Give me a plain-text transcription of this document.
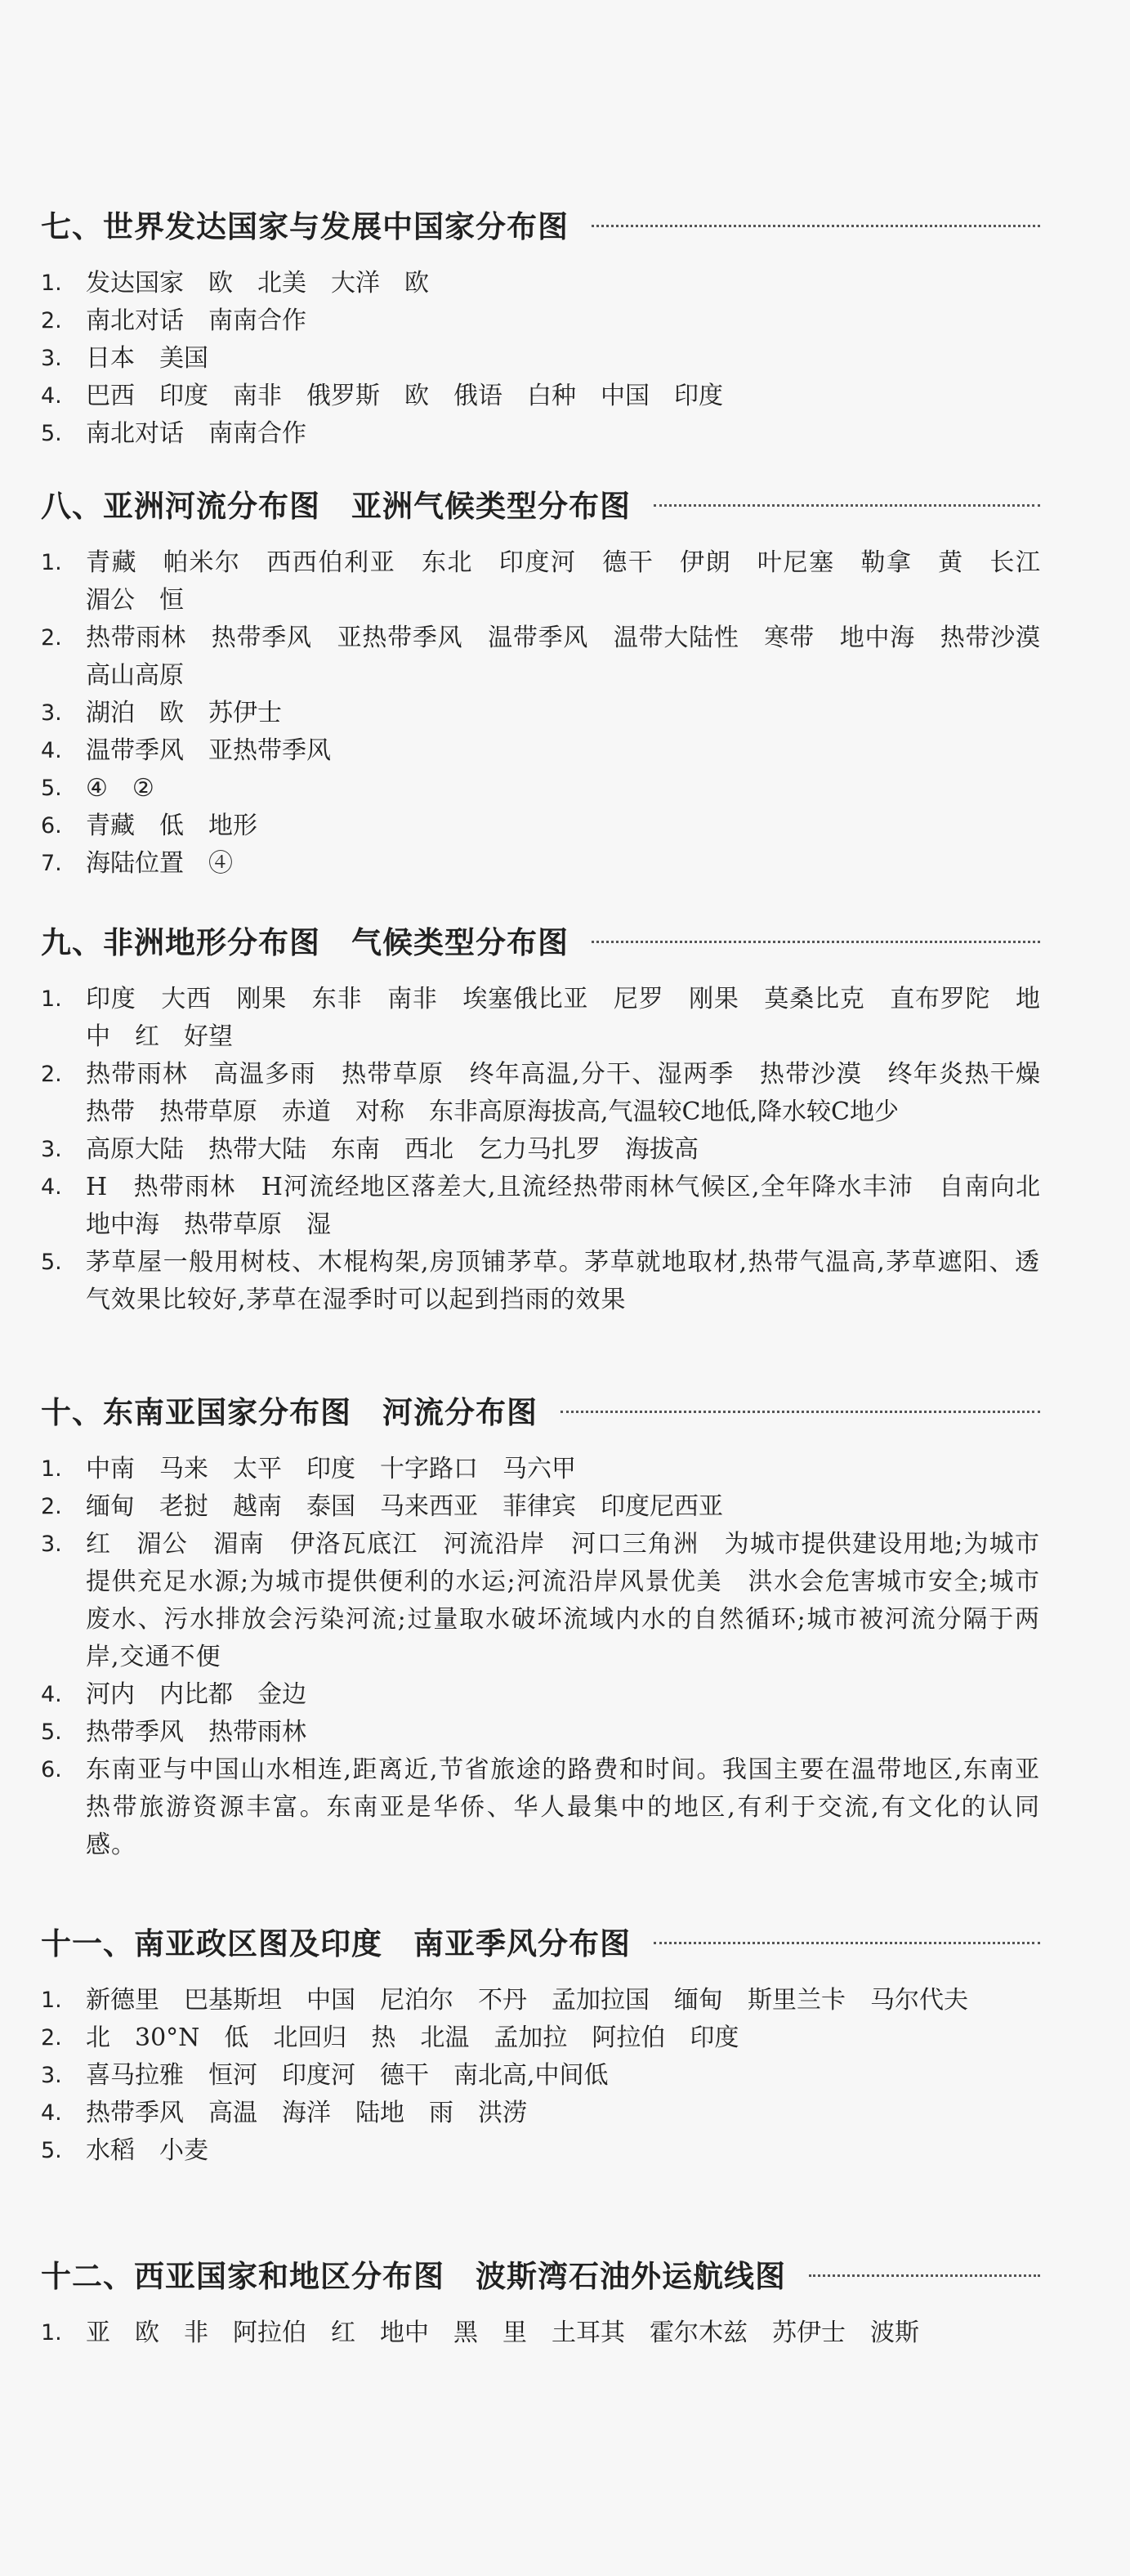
七、世界发达国家与发展中国家分布图
1. 发达国家　欧　北美　大洋　欧
2. 南北对话　南南合作
3. 日本　美国
4. 巴西　印度　南非　俄罗斯　欧　俄语　白种　中国　印度
5. 南北对话　南南合作
八、亚洲河流分布图　亚洲气候类型分布图
1. 青藏　帕米尔　西西伯利亚　东北　印度河　德干　伊朗　叶尼塞　勒拿　黄　长江　湄公　恒
2. 热带雨林　热带季风　亚热带季风　温带季风　温带大陆性　寒带　地中海　热带沙漠　高山高原
3. 湖泊　欧　苏伊士
4. 温带季风　亚热带季风
5. ④　②
6. 青藏　低　地形
7. 海陆位置　④
九、非洲地形分布图　气候类型分布图
1. 印度　大西　刚果　东非　南非　埃塞俄比亚　尼罗　刚果　莫桑比克　直布罗陀　地中　红　好望
2. 热带雨林　高温多雨　热带草原　终年高温,分干、湿两季　热带沙漠　终年炎热干燥　热带　热带草原　赤道　对称　东非高原海拔高,气温较C地低,降水较C地少
3. 高原大陆　热带大陆　东南　西北　乞力马扎罗　海拔高
4. H　热带雨林　H河流经地区落差大,且流经热带雨林气候区,全年降水丰沛　自南向北　地中海　热带草原　湿
5. 茅草屋一般用树枝、木棍构架,房顶铺茅草。茅草就地取材,热带气温高,茅草遮阳、透气效果比较好,茅草在湿季时可以起到挡雨的效果
十、东南亚国家分布图　河流分布图
1. 中南　马来　太平　印度　十字路口　马六甲
2. 缅甸　老挝　越南　泰国　马来西亚　菲律宾　印度尼西亚
3. 红　湄公　湄南　伊洛瓦底江　河流沿岸　河口三角洲　为城市提供建设用地;为城市提供充足水源;为城市提供便利的水运;河流沿岸风景优美　洪水会危害城市安全;城市废水、污水排放会污染河流;过量取水破坏流域内水的自然循环;城市被河流分隔于两岸,交通不便
4. 河内　内比都　金边
5. 热带季风　热带雨林
6. 东南亚与中国山水相连,距离近,节省旅途的路费和时间。我国主要在温带地区,东南亚热带旅游资源丰富。东南亚是华侨、华人最集中的地区,有利于交流,有文化的认同感。
十一、南亚政区图及印度　南亚季风分布图
1. 新德里　巴基斯坦　中国　尼泊尔　不丹　孟加拉国　缅甸　斯里兰卡　马尔代夫
2. 北　30°N　低　北回归　热　北温　孟加拉　阿拉伯　印度
3. 喜马拉雅　恒河　印度河　德干　南北高,中间低
4. 热带季风　高温　海洋　陆地　雨　洪涝
5. 水稻　小麦
十二、西亚国家和地区分布图　波斯湾石油外运航线图
1. 亚　欧　非　阿拉伯　红　地中　黑　里　土耳其　霍尔木兹　苏伊士　波斯
